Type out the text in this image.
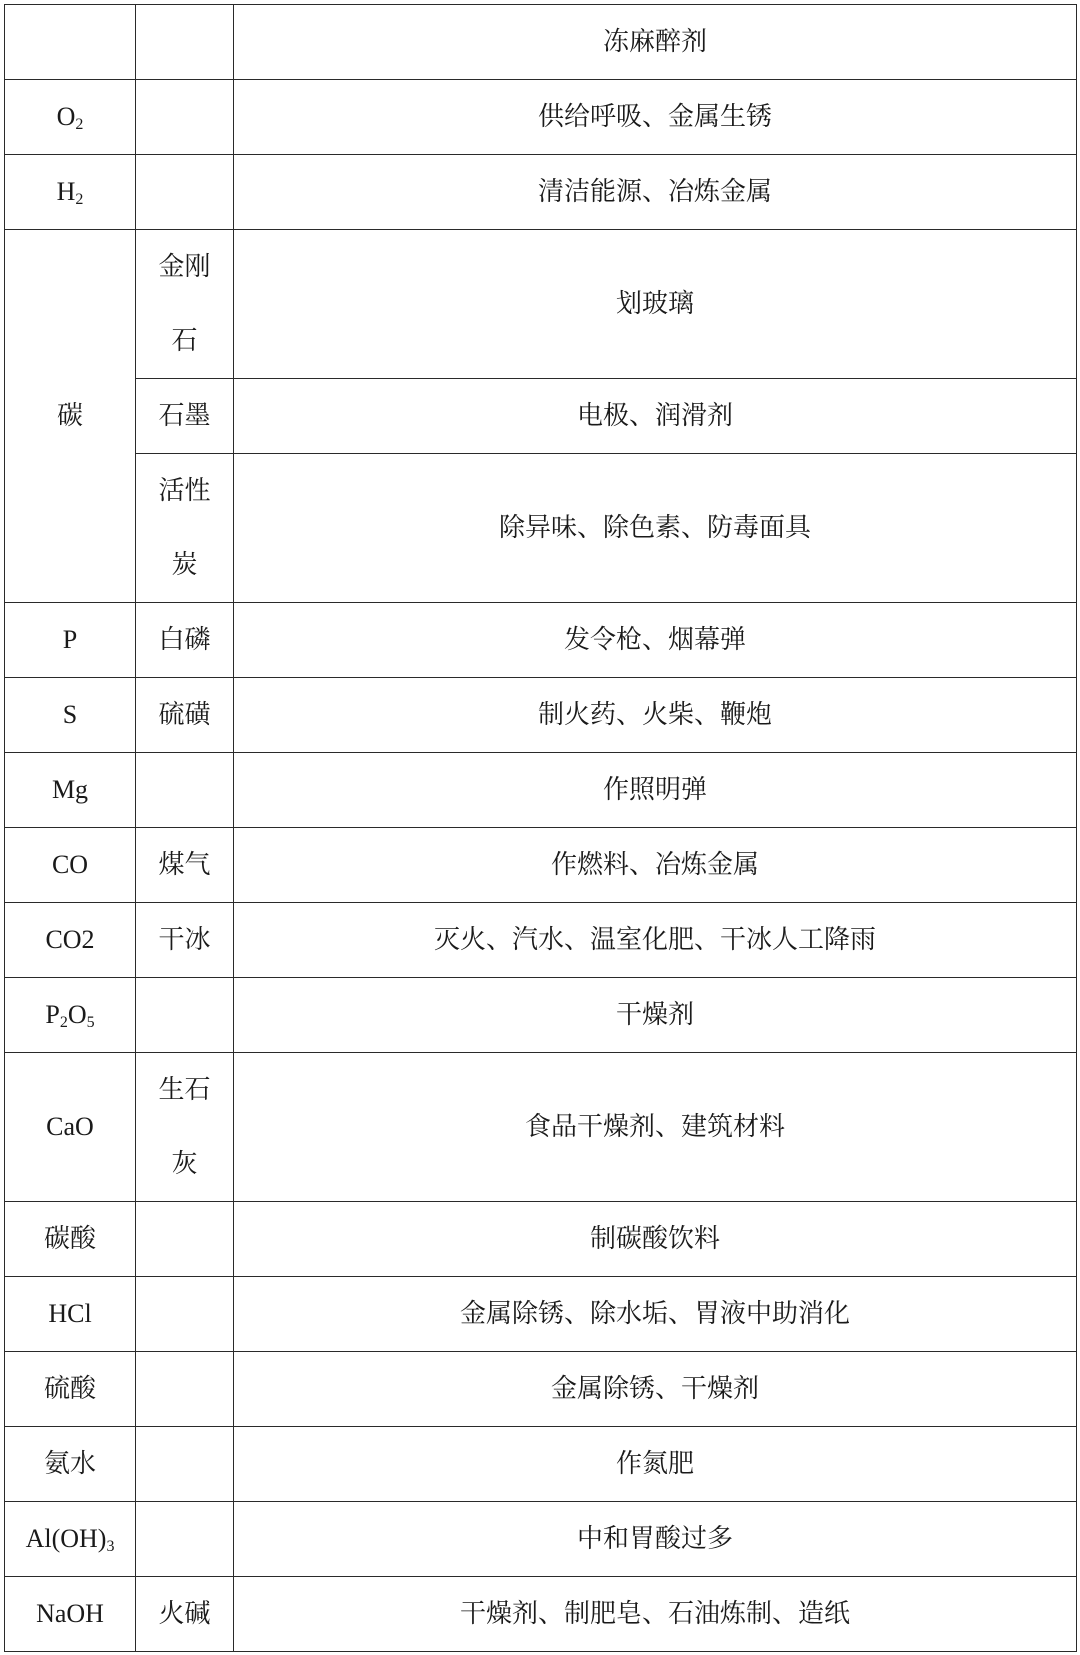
		冻麻醉剂
$O_2$		供给呼吸、金属生锈
$H_2$		清洁能源、冶炼金属
碳	金刚石	划玻璃
	石墨	电极、润滑剂
	活性炭	除异味、除色素、防毒面具
P	白磷	发令枪、烟幕弹
S	硫磺	制火药、火柴、鞭炮
Mg		作照明弹
CO	煤气	作燃料、冶炼金属
CO2	干冰	灭火、汽水、温室化肥、干冰人工降雨
$P_2O_5$		干燥剂
CaO	生石灰	食品干燥剂、建筑材料
碳酸		制碳酸饮料
HCl		金属除锈、除水垢、胃液中助消化
硫酸		金属除锈、干燥剂
氨水		作氮肥
$Al(OH)_3$		中和胃酸过多
NaOH	火碱	干燥剂、制肥皂、石油炼制、造纸
